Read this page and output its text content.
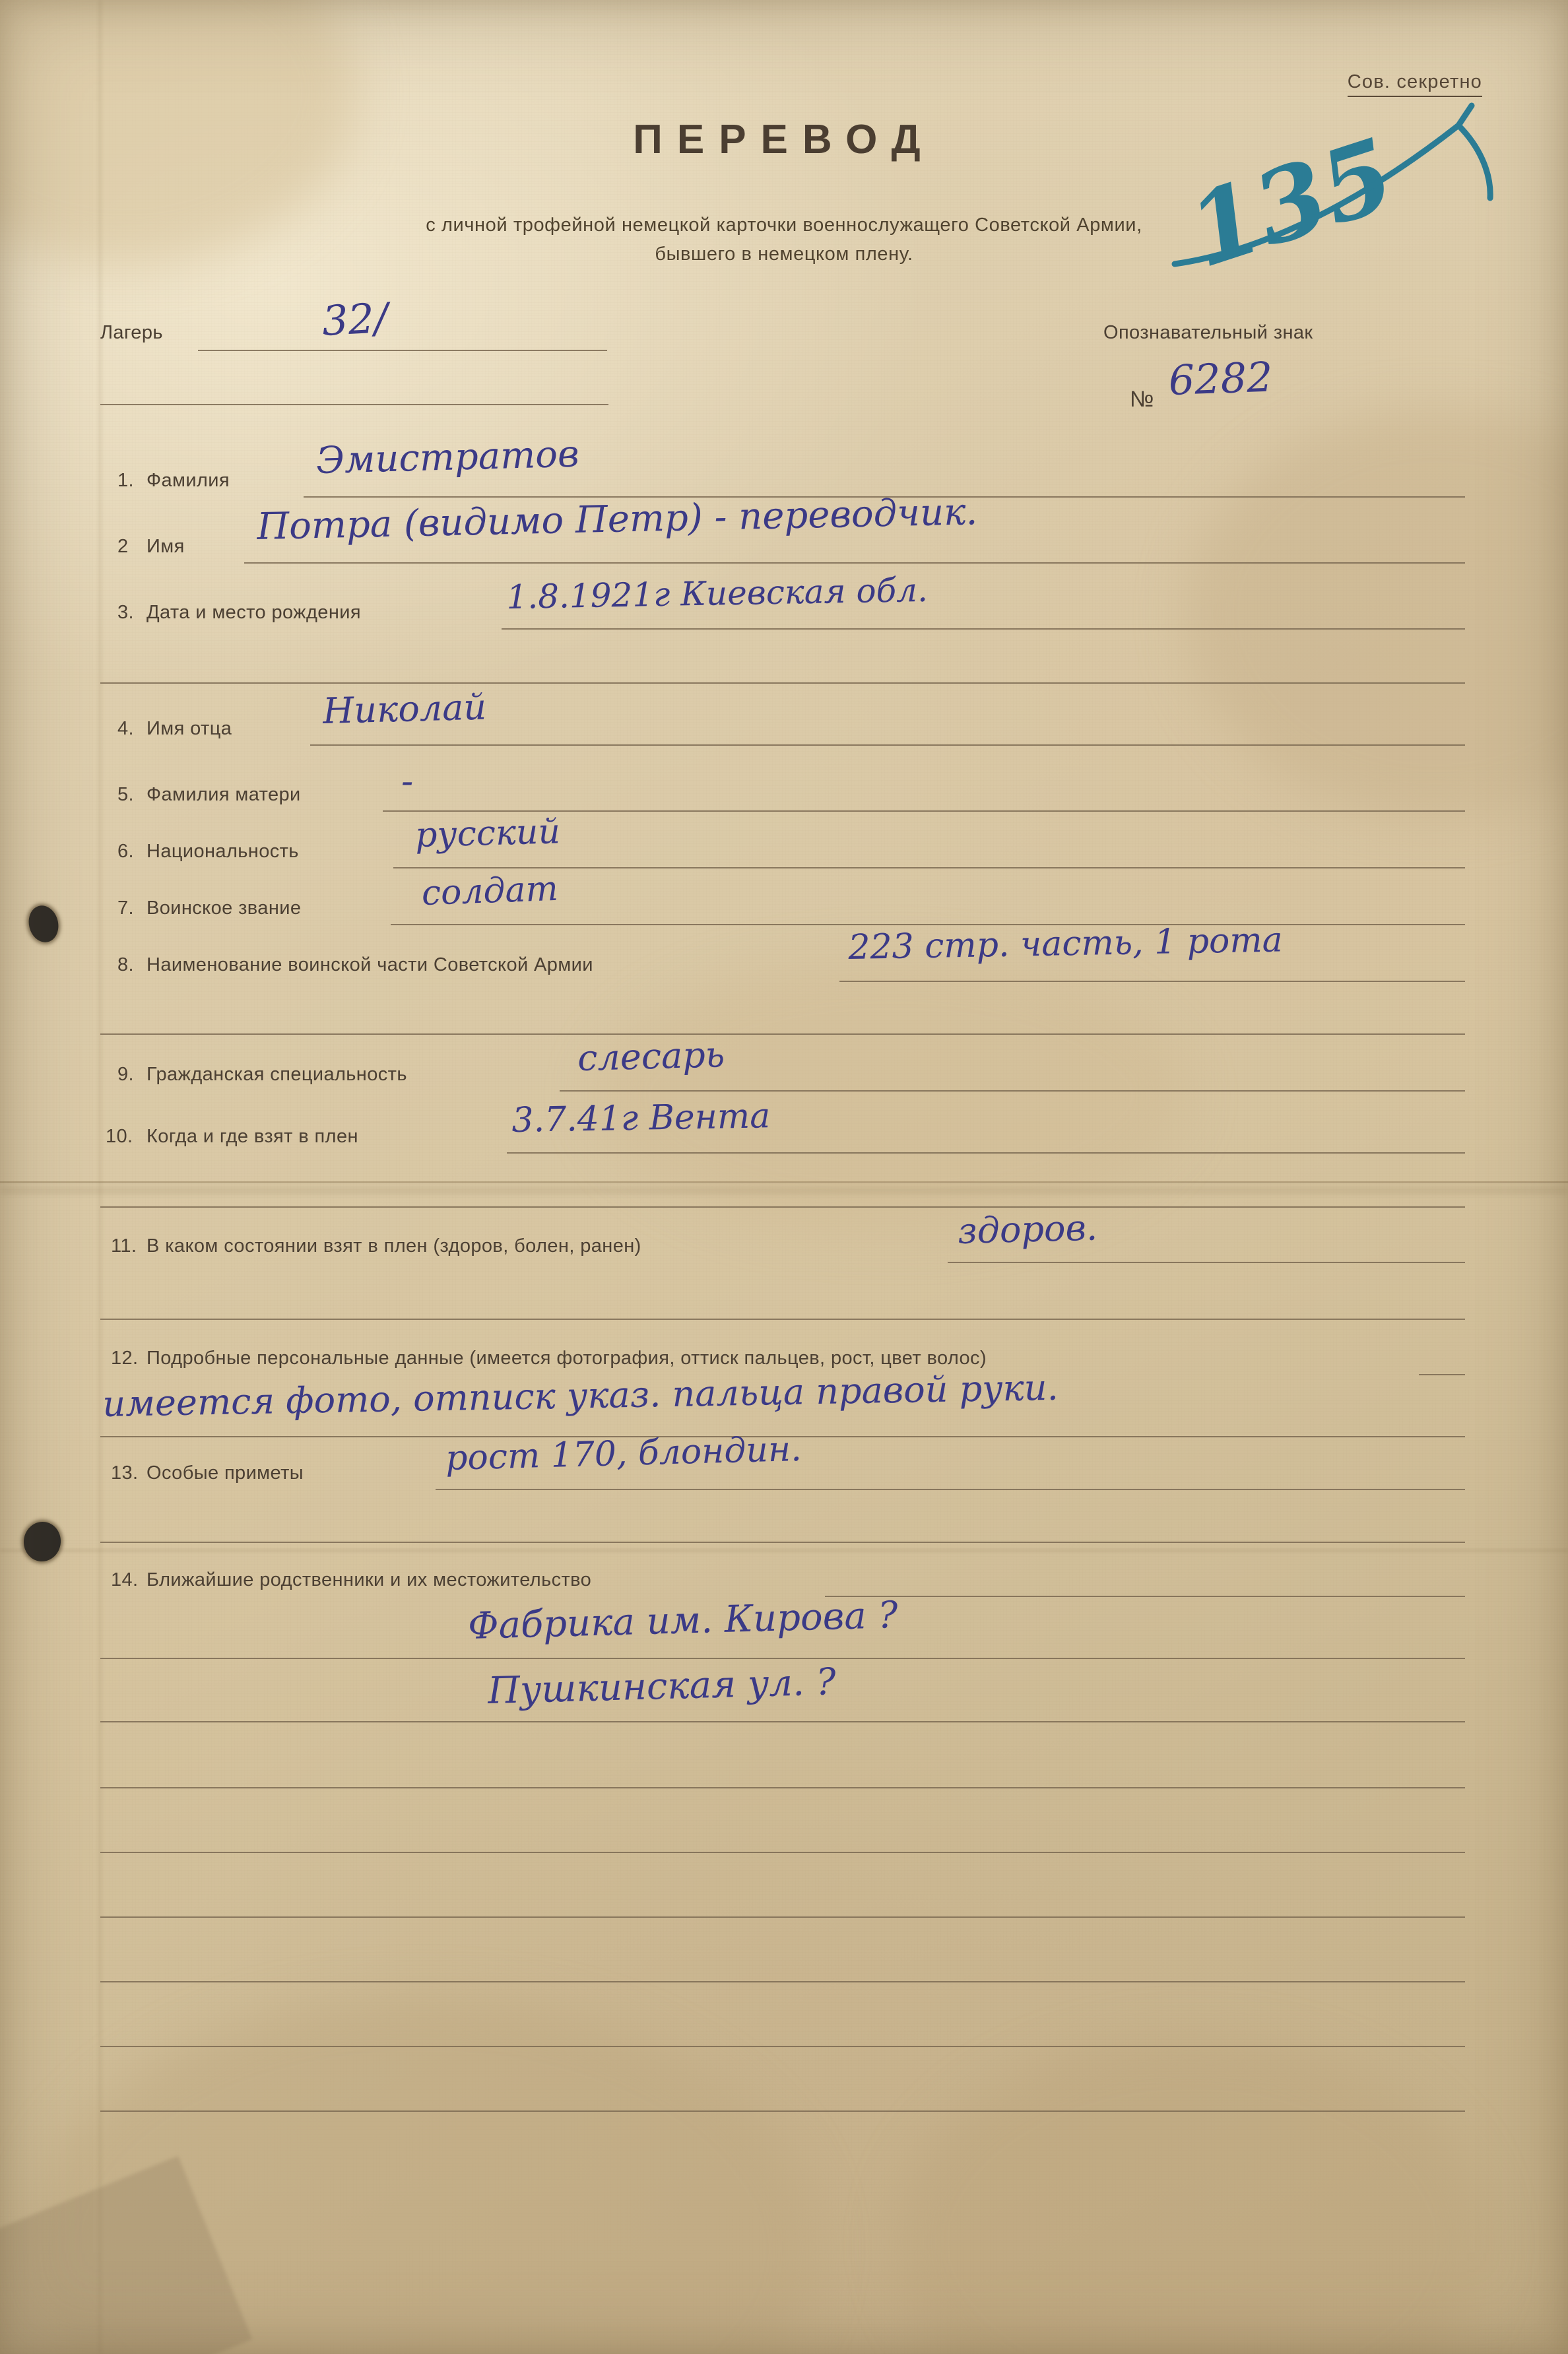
Сов. секретно
135
ПЕРЕВОД
с личной трофейной немецкой карточки военнослужащего Советской Армии,
бывшего в немецком плену.
Лагерь	32/	Опознавательный знак
№ 6282
1. Фамилия Эмистратов
2 Имя Потра (видимо Петр) - переводчик.
3. Дата и место рождения	1.8.1921г Киевская обл.
4. Имя отца	Николай
5. Фамилия матери	-
6. Национальность	русский
7. Воинское звание	солдат
8. Наименование воинской части Советской Армии	223 стр. часть, 1 рота
9. Гражданская специальность	слесарь
10. Когда и где взят в плен	3.7.41г Вента
11. В каком состоянии взят в плен (здоров, болен, ранен)	здоров.
12. Подробные персональные данные (имеется фотография, оттиск пальцев, рост, цвет волос)
имеется фото, отписк указ. пальца правой руки.
13. Особые приметы	рост 170, блондин.
14. Ближайшие родственники и их местожительство
Фабрика им. Кирова ?
Пушкинская ул. ?
